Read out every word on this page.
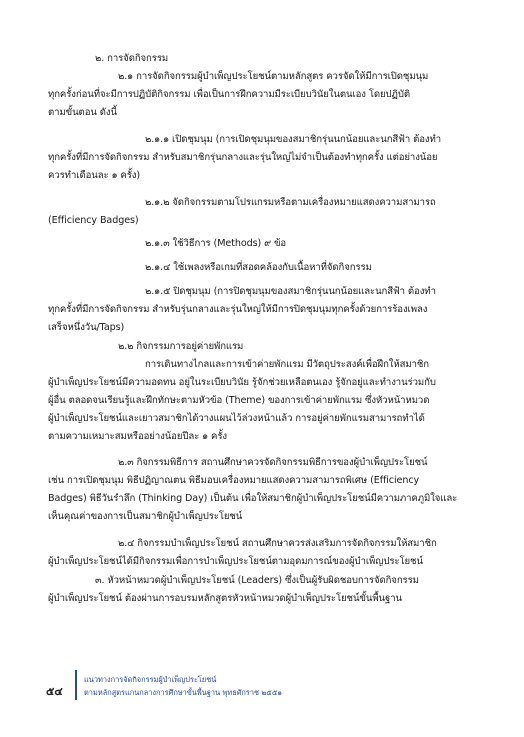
๒. การจัดกิจกรรม
๒.๑ การจัดกิจกรรมผู้บำเพ็ญประโยชน์ตามหลักสูตร ควรจัดให้มีการเปิดชุมนุม
ทุกครั้งก่อนที่จะมีการปฏิบัติกิจกรรม เพื่อเป็นการฝึกความมีระเบียบวินัยในตนเอง โดยปฏิบัติ
ตามขั้นตอน ดังนี้
๒.๑.๑ เปิดชุมนุม (การเปิดชุมนุมของสมาชิกรุ่นนกน้อยและนกสีฟ้า ต้องทำ
ทุกครั้งที่มีการจัดกิจกรรม สำหรับสมาชิกรุ่นกลางและรุ่นใหญ่ไม่จำเป็นต้องทำทุกครั้ง แต่อย่างน้อย
ควรทำเดือนละ ๑ ครั้ง)
๒.๑.๒ จัดกิจกรรมตามโปรแกรมหรือตามเครื่องหมายแสดงความสามารถ
(Efficiency Badges)
๒.๑.๓ ใช้วิธีการ (Methods) ๙ ข้อ
๒.๑.๔ ใช้เพลงหรือเกมที่สอดคล้องกับเนื้อหาที่จัดกิจกรรม
๒.๑.๕ ปิดชุมนุม (การปิดชุมนุมของสมาชิกรุ่นนกน้อยและนกสีฟ้า ต้องทำ
ทุกครั้งที่มีการจัดกิจกรรม สำหรับรุ่นกลางและรุ่นใหญ่ให้มีการปิดชุมนุมทุกครั้งด้วยการร้องเพลง
เสร็จหนึ่งวัน/Taps)
๒.๒ กิจกรรมการอยู่ค่ายพักแรม
การเดินทางไกลและการเข้าค่ายพักแรม มีวัตถุประสงค์เพื่อฝึกให้สมาชิก
ผู้บำเพ็ญประโยชน์มีความอดทน อยู่ในระเบียบวินัย รู้จักช่วยเหลือตนเอง รู้จักอยู่และทำงานร่วมกับ
ผู้อื่น ตลอดจนเรียนรู้และฝึกทักษะตามหัวข้อ (Theme) ของการเข้าค่ายพักแรม ซึ่งหัวหน้าหมวด
ผู้บำเพ็ญประโยชน์และเยาวสมาชิกได้วางแผนไว้ล่วงหน้าแล้ว การอยู่ค่ายพักแรมสามารถทำได้
ตามความเหมาะสมหรืออย่างน้อยปีละ ๑ ครั้ง
๒.๓ กิจกรรมพิธีการ สถานศึกษาควรจัดกิจกรรมพิธีการของผู้บำเพ็ญประโยชน์
เช่น การเปิดชุมนุม พิธีปฏิญาณตน พิธีมอบเครื่องหมายแสดงความสามารถพิเศษ (Efficiency
Badges) พิธีวันรำลึก (Thinking Day) เป็นต้น เพื่อให้สมาชิกผู้บำเพ็ญประโยชน์มีความภาคภูมิใจและ
เห็นคุณค่าของการเป็นสมาชิกผู้บำเพ็ญประโยชน์
๒.๔ กิจกรรมบำเพ็ญประโยชน์ สถานศึกษาควรส่งเสริมการจัดกิจกรรมให้สมาชิก
ผู้บำเพ็ญประโยชน์ได้มีกิจกรรมเพื่อการบำเพ็ญประโยชน์ตามอุดมการณ์ของผู้บำเพ็ญประโยชน์
๓. หัวหน้าหมวดผู้บำเพ็ญประโยชน์ (Leaders) ซึ่งเป็นผู้รับผิดชอบการจัดกิจกรรม
ผู้บำเพ็ญประโยชน์ ต้องผ่านการอบรมหลักสูตรหัวหน้าหมวดผู้บำเพ็ญประโยชน์ขั้นพื้นฐาน
๕๔
แนวทางการจัดกิจกรรมผู้บำเพ็ญประโยชน์
ตามหลักสูตรแกนกลางการศึกษาขั้นพื้นฐาน พุทธศักราช ๒๕๕๑
